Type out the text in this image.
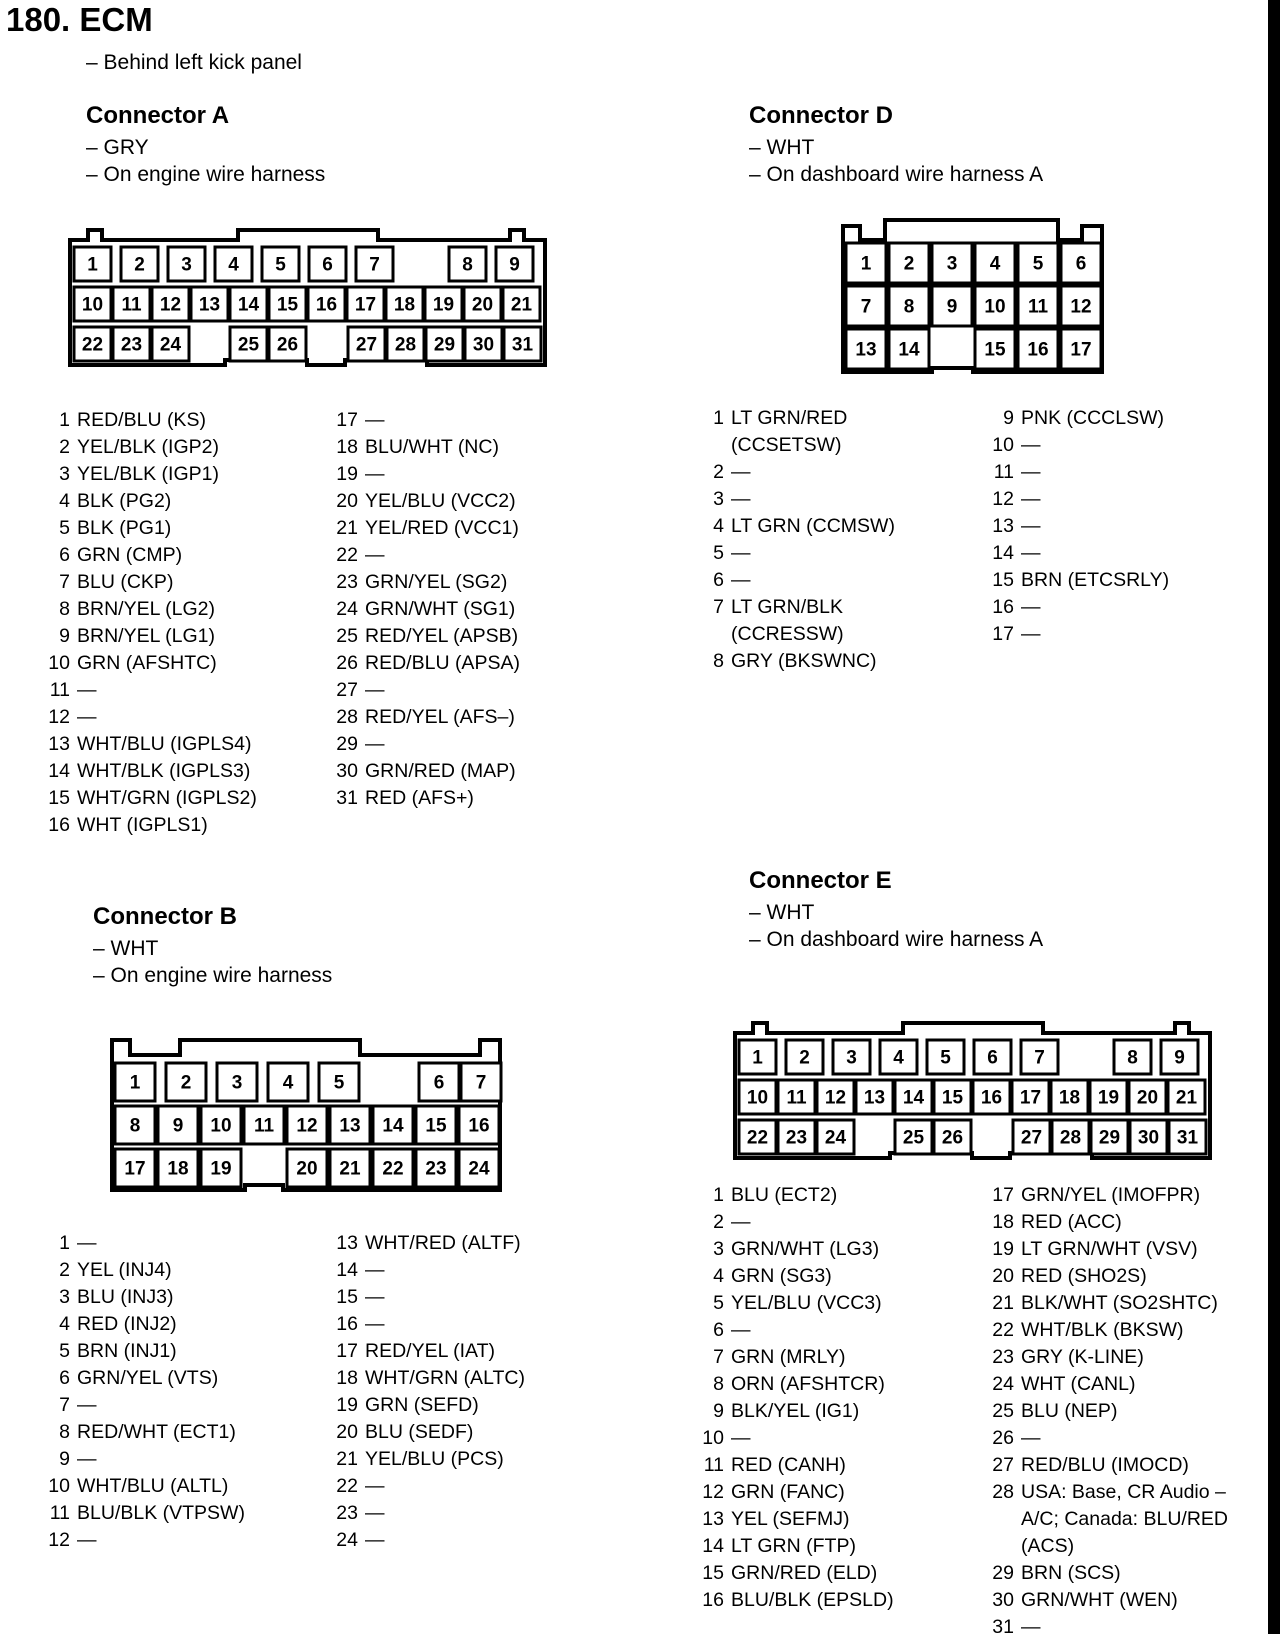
180. ECM
– Behind left kick panel
Connector A
– GRY
– On engine wire harness
1 2 3 4 5 6 7	8 9
10 11 12 13 14 15 16 17 18 19 20 21
22 23 24	25 26	27 28 29 30 31
1 RED/BLU (KS)
2 YEL/BLK (IGP2)
3 YEL/BLK (IGP1)
4 BLK (PG2)
5 BLK (PG1)
6 GRN (CMP)
7 BLU (CKP)
8 BRN/YEL (LG2)
9 BRN/YEL (LG1)
10 GRN (AFSHTC)
11 —
12 —
13 WHT/BLU (IGPLS4)
14 WHT/BLK (IGPLS3)
15 WHT/GRN (IGPLS2)
16 WHT (IGPLS1)
17 —
18 BLU/WHT (NC)
19 —
20 YEL/BLU (VCC2)
21 YEL/RED (VCC1)
22 —
23 GRN/YEL (SG2)
24 GRN/WHT (SG1)
25 RED/YEL (APSB)
26 RED/BLU (APSA)
27 —
28 RED/YEL (AFS–)
29 —
30 GRN/RED (MAP)
31 RED (AFS+)
Connector B
– WHT
– On engine wire harness
1 2 3 4 5	6 7
8 9 10 11 12 13 14 15 16
17 18 19	20 21 22 23 24
1 —
2 YEL (INJ4)
3 BLU (INJ3)
4 RED (INJ2)
5 BRN (INJ1)
6 GRN/YEL (VTS)
7 —
8 RED/WHT (ECT1)
9 —
10 WHT/BLU (ALTL)
11 BLU/BLK (VTPSW)
12 —
13 WHT/RED (ALTF)
14 —
15 —
16 —
17 RED/YEL (IAT)
18 WHT/GRN (ALTC)
19 GRN (SEFD)
20 BLU (SEDF)
21 YEL/BLU (PCS)
22 —
23 —
24 —
Connector D
– WHT
– On dashboard wire harness A
1 2 3 4 5 6
7 8 9 10 11 12
13 14	15 16 17
1 LT GRN/RED (CCSETSW)
2 —
3 —
4 LT GRN (CCMSW)
5 —
6 —
7 LT GRN/BLK (CCRESSW)
8 GRY (BKSWNC)
9 PNK (CCCLSW)
10 —
11 —
12 —
13 —
14 —
15 BRN (ETCSRLY)
16 —
17 —
Connector E
– WHT
– On dashboard wire harness A
1 2 3 4 5 6 7	8 9
10 11 12 13 14 15 16 17 18 19 20 21
22 23 24	25 26	27 28 29 30 31
1 BLU (ECT2)
2 —
3 GRN/WHT (LG3)
4 GRN (SG3)
5 YEL/BLU (VCC3)
6 —
7 GRN (MRLY)
8 ORN (AFSHTCR)
9 BLK/YEL (IG1)
10 —
11 RED (CANH)
12 GRN (FANC)
13 YEL (SEFMJ)
14 LT GRN (FTP)
15 GRN/RED (ELD)
16 BLU/BLK (EPSLD)
17 GRN/YEL (IMOFPR)
18 RED (ACC)
19 LT GRN/WHT (VSV)
20 RED (SHO2S)
21 BLK/WHT (SO2SHTC)
22 WHT/BLK (BKSW)
23 GRY (K-LINE)
24 WHT (CANL)
25 BLU (NEP)
26 —
27 RED/BLU (IMOCD)
28 USA: Base, CR Audio – A/C; Canada: BLU/RED (ACS)
29 BRN (SCS)
30 GRN/WHT (WEN)
31 —
